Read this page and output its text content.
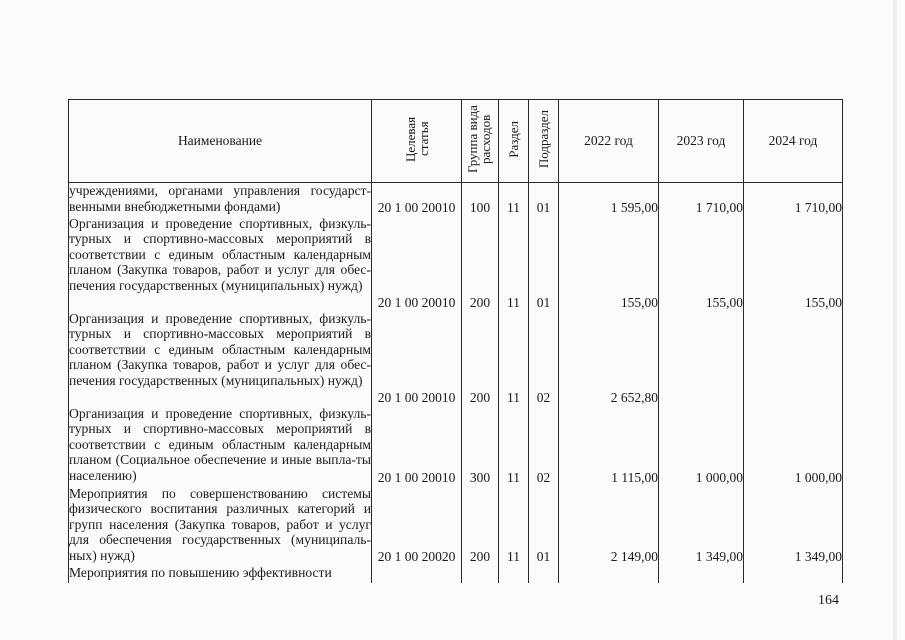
Наименование	Целевая статья	Группа вида расходов	Раздел	Подраздел	2022 год	2023 год	2024 год
учреждениями, органами управления государст-венными внебюджетными фондами)	20 1 00 20010	100	11	01	1 595,00	1 710,00	1 710,00
Организация и проведение спортивных, физкуль-турных и спортивно-массовых мероприятий в соответствии с единым областным календарным планом (Закупка товаров, работ и услуг для обес-печения государственных (муниципальных) нужд)	20 1 00 20010	200	11	01	155,00	155,00	155,00
Организация и проведение спортивных, физкуль-турных и спортивно-массовых мероприятий в соответствии с единым областным календарным планом (Закупка товаров, работ и услуг для обес-печения государственных (муниципальных) нужд)	20 1 00 20010	200	11	02	2 652,80		
Организация и проведение спортивных, физкуль-турных и спортивно-массовых мероприятий в соответствии с единым областным календарным планом (Социальное обеспечение и иные выпла-ты населению)	20 1 00 20010	300	11	02	1 115,00	1 000,00	1 000,00
Мероприятия по совершенствованию системы физического воспитания различных категорий и групп населения (Закупка товаров, работ и услуг для обеспечения государственных (муниципаль-ных) нужд)	20 1 00 20020	200	11	01	2 149,00	1 349,00	1 349,00
Мероприятия по повышению эффективности							
164
